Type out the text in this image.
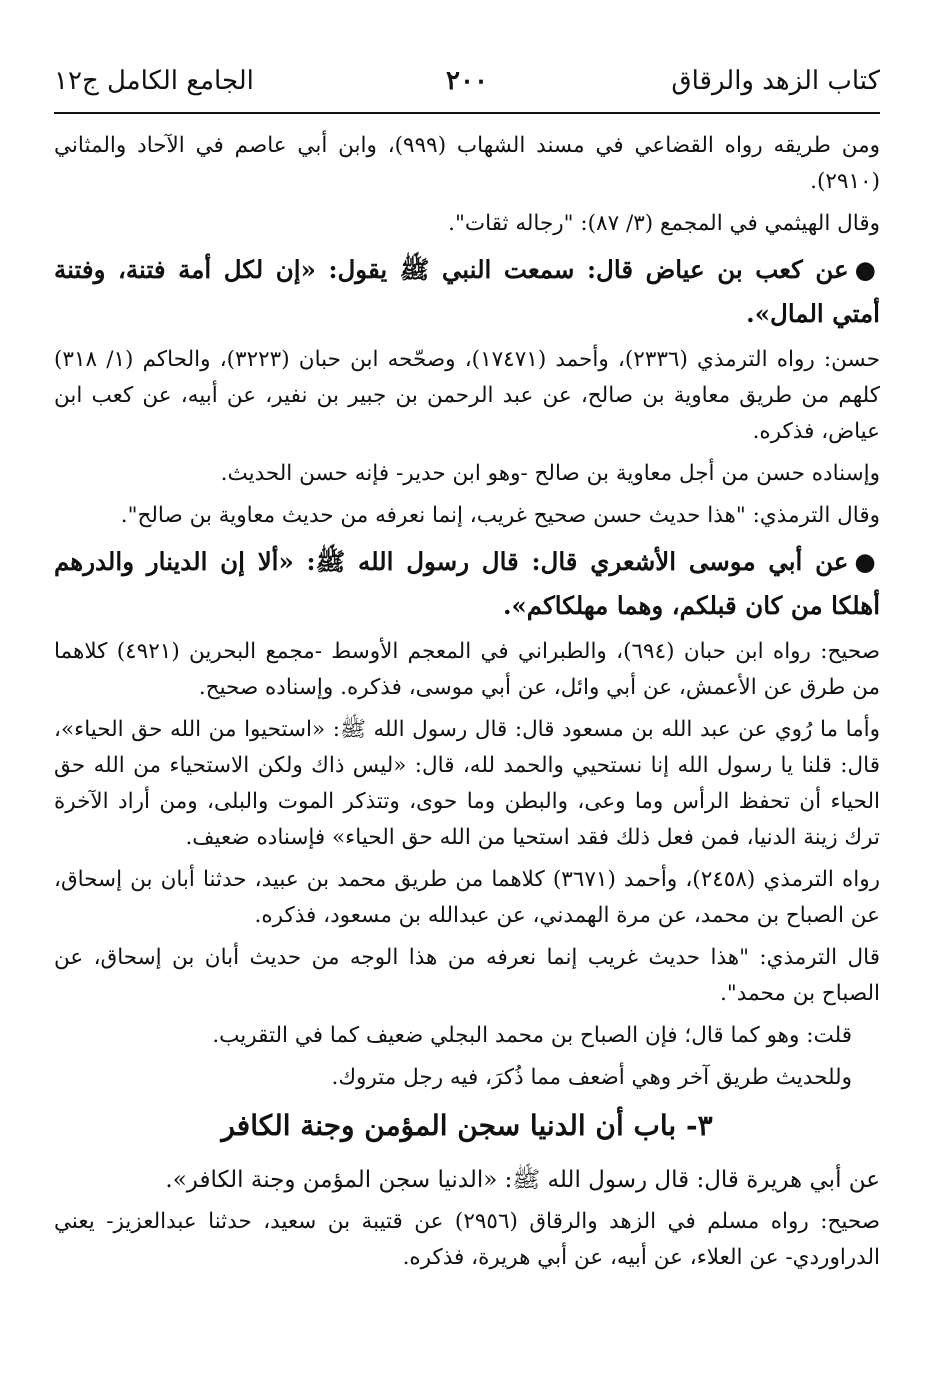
كتاب الزهد والرقاق
٢٠٠
الجامع الكامل ج١٢

ومن طريقه رواه القضاعي في مسند الشهاب (٩٩٩)، وابن أبي عاصم في الآحاد والمثاني (٢٩١٠).

وقال الهيثمي في المجمع (٣/ ٨٧): "رجاله ثقات".

●عن كعب بن عياض قال: سمعت النبي ﷺ يقول: «إن لكل أمة فتنة، وفتنة أمتي المال».

حسن: رواه الترمذي (٢٣٣٦)، وأحمد (١٧٤٧١)، وصحّحه ابن حبان (٣٢٢٣)، والحاكم (١/ ٣١٨) كلهم من طريق معاوية بن صالح، عن عبد الرحمن بن جبير بن نفير، عن أبيه، عن كعب ابن عياض، فذكره.

وإسناده حسن من أجل معاوية بن صالح -وهو ابن حدير- فإنه حسن الحديث.

وقال الترمذي: "هذا حديث حسن صحيح غريب، إنما نعرفه من حديث معاوية بن صالح".

●عن أبي موسى الأشعري قال: قال رسول الله ﷺ: «ألا إن الدينار والدرهم أهلكا من كان قبلكم، وهما مهلكاكم».

صحيح: رواه ابن حبان (٦٩٤)، والطبراني في المعجم الأوسط -مجمع البحرين (٤٩٢١) كلاهما من طرق عن الأعمش، عن أبي وائل، عن أبي موسى، فذكره. وإسناده صحيح.

وأما ما رُوي عن عبد الله بن مسعود قال: قال رسول الله ﷺ: «استحيوا من الله حق الحياء»، قال: قلنا يا رسول الله إنا نستحيي والحمد لله، قال: «ليس ذاك ولكن الاستحياء من الله حق الحياء أن تحفظ الرأس وما وعى، والبطن وما حوى، وتتذكر الموت والبلى، ومن أراد الآخرة ترك زينة الدنيا، فمن فعل ذلك فقد استحيا من الله حق الحياء» فإسناده ضعيف.

رواه الترمذي (٢٤٥٨)، وأحمد (٣٦٧١) كلاهما من طريق محمد بن عبيد، حدثنا أبان بن إسحاق، عن الصباح بن محمد، عن مرة الهمدني، عن عبدالله بن مسعود، فذكره.

قال الترمذي: "هذا حديث غريب إنما نعرفه من هذا الوجه من حديث أبان بن إسحاق، عن الصباح بن محمد".

قلت: وهو كما قال؛ فإن الصباح بن محمد البجلي ضعيف كما في التقريب.

وللحديث طريق آخر وهي أضعف مما ذُكرَ، فيه رجل متروك.

٣- باب أن الدنيا سجن المؤمن وجنة الكافر

عن أبي هريرة قال: قال رسول الله ﷺ: «الدنيا سجن المؤمن وجنة الكافر».

صحيح: رواه مسلم في الزهد والرقاق (٢٩٥٦) عن قتيبة بن سعيد، حدثنا عبدالعزيز- يعني الدراوردي- عن العلاء، عن أبيه، عن أبي هريرة، فذكره.
